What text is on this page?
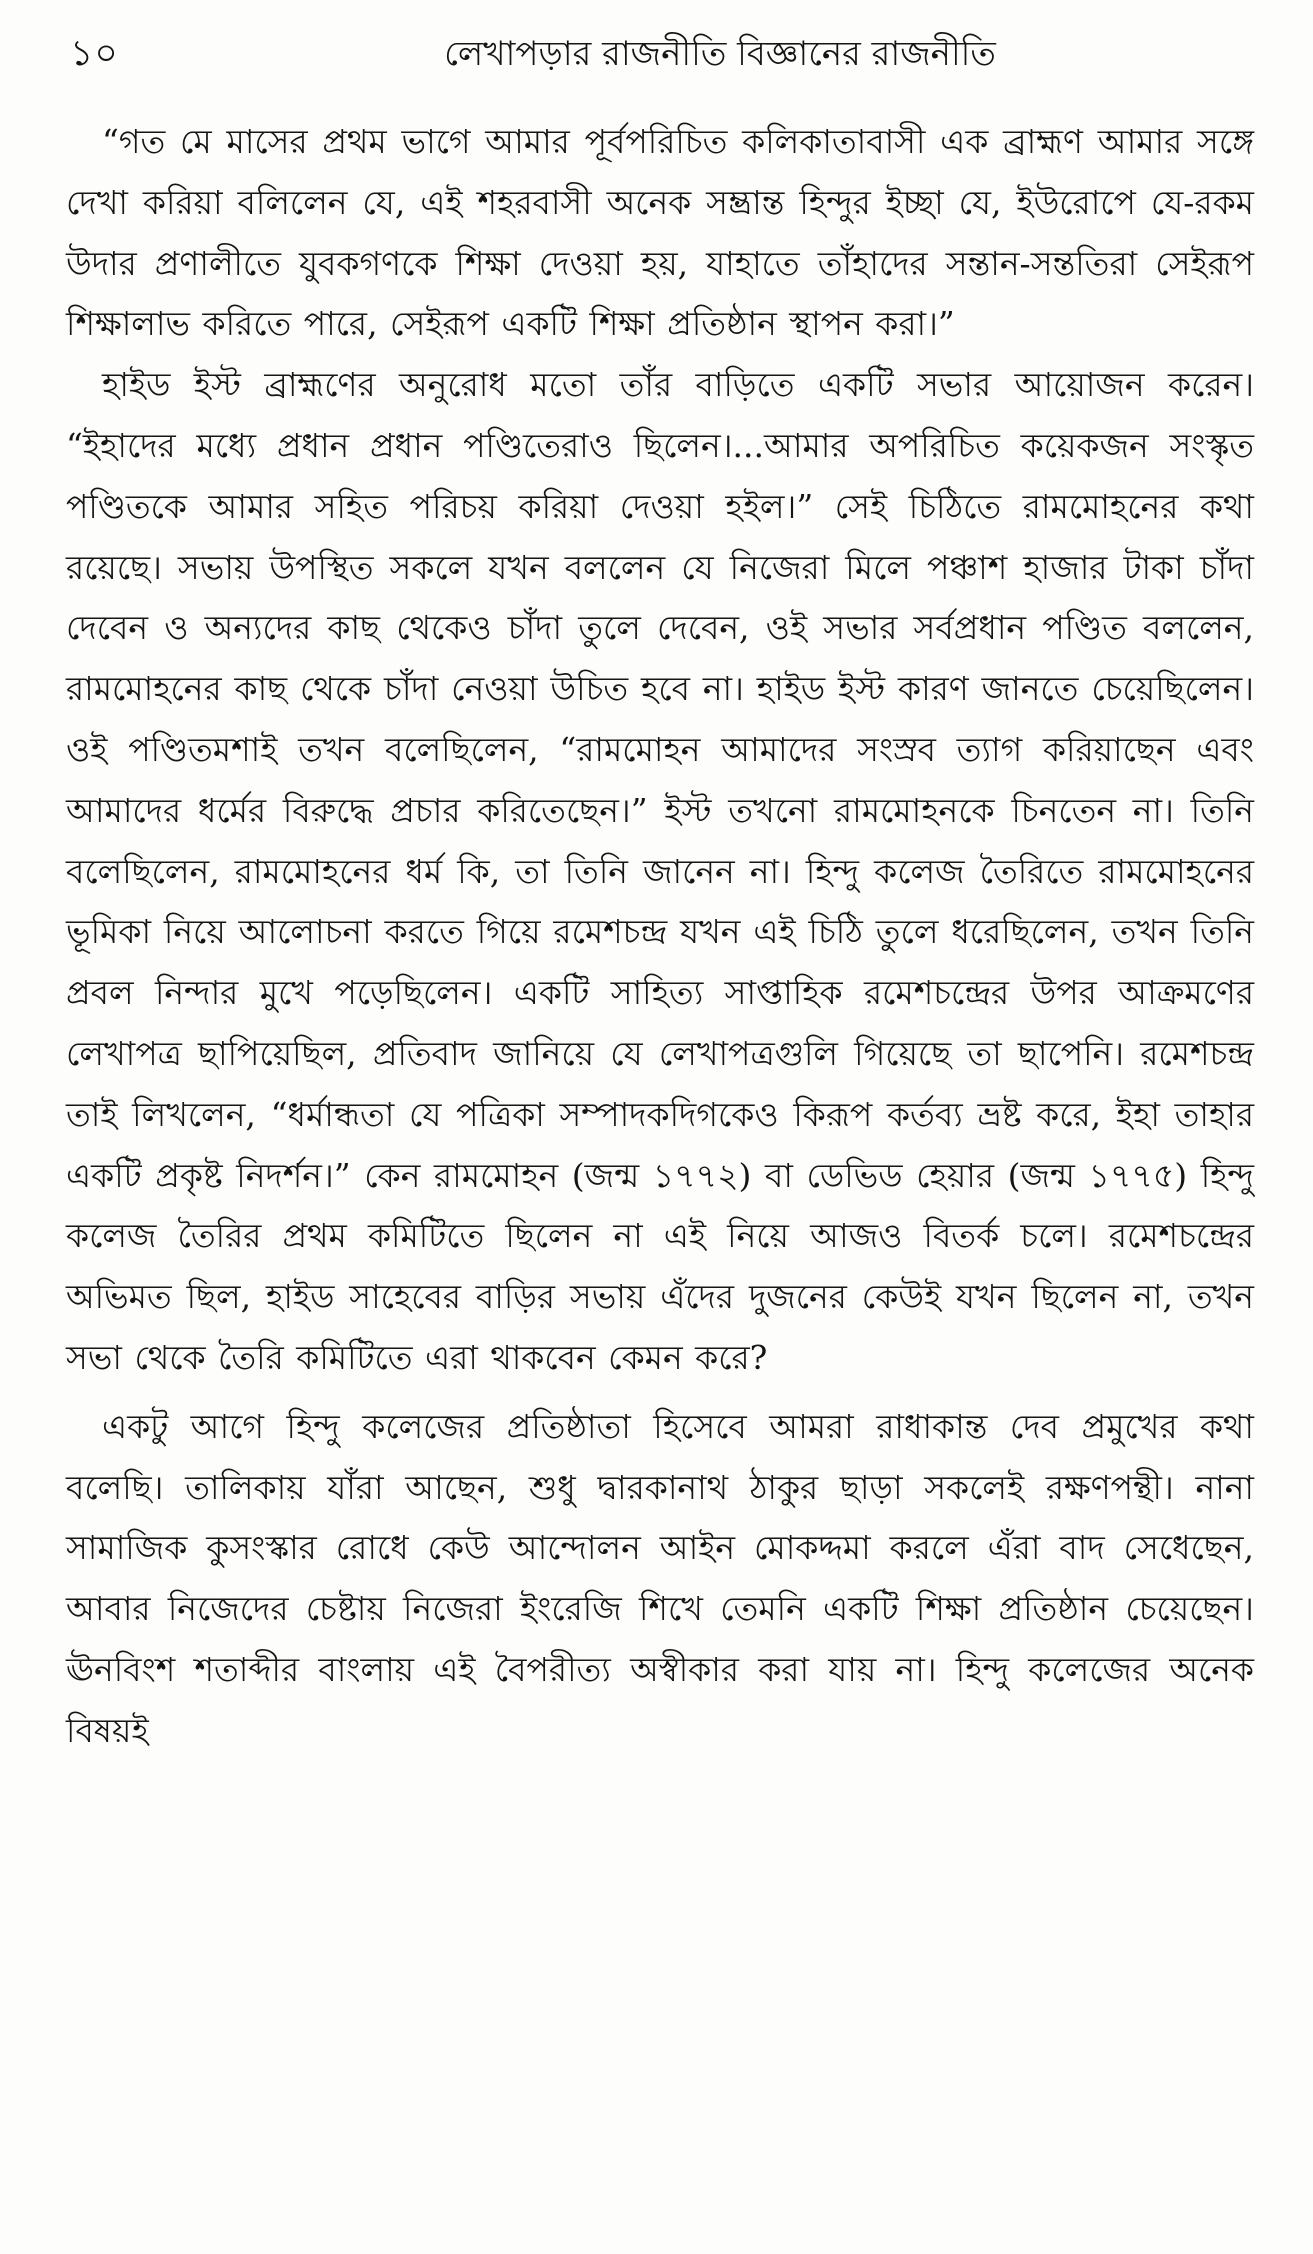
১০	লেখাপড়ার রাজনীতি বিজ্ঞানের রাজনীতি

“গত মে মাসের প্রথম ভাগে আমার পূর্বপরিচিত কলিকাতাবাসী এক ব্রাহ্মণ আমার সঙ্গে দেখা করিয়া বলিলেন যে, এই শহরবাসী অনেক সম্ভ্রান্ত হিন্দুর ইচ্ছা যে, ইউরোপে যে-রকম উদার প্রণালীতে যুবকগণকে শিক্ষা দেওয়া হয়, যাহাতে তাঁহাদের সন্তান-সন্ততিরা সেইরূপ শিক্ষালাভ করিতে পারে, সেইরূপ একটি শিক্ষা প্রতিষ্ঠান স্থাপন করা।”

হাইড ইস্ট ব্রাহ্মণের অনুরোধ মতো তাঁর বাড়িতে একটি সভার আয়োজন করেন। “ইহাদের মধ্যে প্রধান প্রধান পণ্ডিতেরাও ছিলেন।...আমার অপরিচিত কয়েকজন সংস্কৃত পণ্ডিতকে আমার সহিত পরিচয় করিয়া দেওয়া হইল।” সেই চিঠিতে রামমোহনের কথা রয়েছে। সভায় উপস্থিত সকলে যখন বললেন যে নিজেরা মিলে পঞ্চাশ হাজার টাকা চাঁদা দেবেন ও অন্যদের কাছ থেকেও চাঁদা তুলে দেবেন, ওই সভার সর্বপ্রধান পণ্ডিত বললেন, রামমোহনের কাছ থেকে চাঁদা নেওয়া উচিত হবে না। হাইড ইস্ট কারণ জানতে চেয়েছিলেন। ওই পণ্ডিতমশাই তখন বলেছিলেন, “রামমোহন আমাদের সংস্রব ত্যাগ করিয়াছেন এবং আমাদের ধর্মের বিরুদ্ধে প্রচার করিতেছেন।” ইস্ট তখনো রামমোহনকে চিনতেন না। তিনি বলেছিলেন, রামমোহনের ধর্ম কি, তা তিনি জানেন না। হিন্দু কলেজ তৈরিতে রামমোহনের ভূমিকা নিয়ে আলোচনা করতে গিয়ে রমেশচন্দ্র যখন এই চিঠি তুলে ধরেছিলেন, তখন তিনি প্রবল নিন্দার মুখে পড়েছিলেন। একটি সাহিত্য সাপ্তাহিক রমেশচন্দ্রের উপর আক্রমণের লেখাপত্র ছাপিয়েছিল, প্রতিবাদ জানিয়ে যে লেখাপত্রগুলি গিয়েছে তা ছাপেনি। রমেশচন্দ্র তাই লিখলেন, “ধর্মান্ধতা যে পত্রিকা সম্পাদকদিগকেও কিরূপ কর্তব্য ভ্রষ্ট করে, ইহা তাহার একটি প্রকৃষ্ট নিদর্শন।” কেন রামমোহন (জন্ম ১৭৭২) বা ডেভিড হেয়ার (জন্ম ১৭৭৫) হিন্দু কলেজ তৈরির প্রথম কমিটিতে ছিলেন না এই নিয়ে আজও বিতর্ক চলে। রমেশচন্দ্রের অভিমত ছিল, হাইড সাহেবের বাড়ির সভায় এঁদের দুজনের কেউই যখন ছিলেন না, তখন সভা থেকে তৈরি কমিটিতে এরা থাকবেন কেমন করে?

একটু আগে হিন্দু কলেজের প্রতিষ্ঠাতা হিসেবে আমরা রাধাকান্ত দেব প্রমুখের কথা বলেছি। তালিকায় যাঁরা আছেন, শুধু দ্বারকানাথ ঠাকুর ছাড়া সকলেই রক্ষণপন্থী। নানা সামাজিক কুসংস্কার রোধে কেউ আন্দোলন আইন মোকদ্দমা করলে এঁরা বাদ সেধেছেন, আবার নিজেদের চেষ্টায় নিজেরা ইংরেজি শিখে তেমনি একটি শিক্ষা প্রতিষ্ঠান চেয়েছেন। ঊনবিংশ শতাব্দীর বাংলায় এই বৈপরীত্য অস্বীকার করা যায় না। হিন্দু কলেজের অনেক বিষয়ই
